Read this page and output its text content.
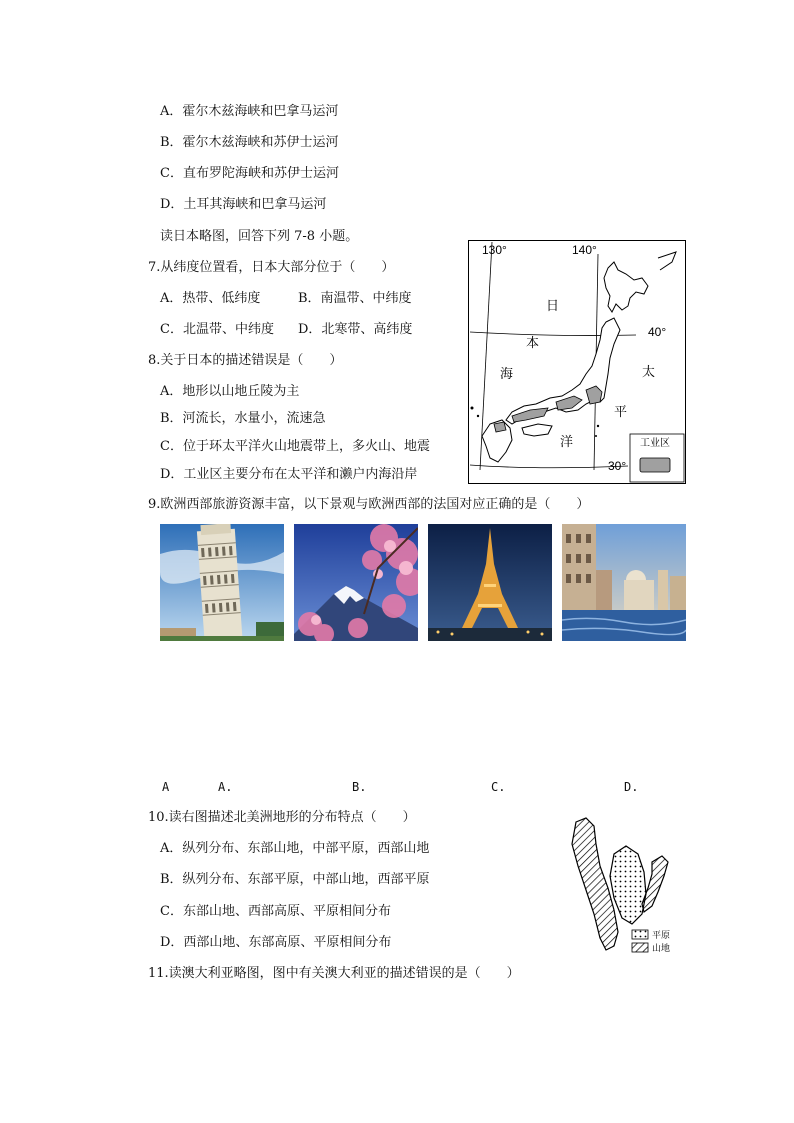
A．霍尔木兹海峡和巴拿马运河
B．霍尔木兹海峡和苏伊士运河
C．直布罗陀海峡和苏伊士运河
D．土耳其海峡和巴拿马运河
读日本略图，回答下列 7-8 小题。
7.从纬度位置看，日本大部分位于（　　）
A．热带、低纬度	B．南温带、中纬度
C．北温带、中纬度 D．北寒带、高纬度
8.关于日本的描述错误是（　　）
A．地形以山地丘陵为主
B．河流长，水量小，流速急
C．位于环太平洋火山地震带上，多火山、地震
D．工业区主要分布在太平洋和濑户内海沿岸
130°	140°
40°
30°
日
本
海	太
平
洋	工业区
9.欧洲西部旅游资源丰富，以下景观与欧洲西部的法国对应正确的是（　　）
A	A.	B.	C.	D.
10.读右图描述北美洲地形的分布特点（　　）
A．纵列分布、东部山地，中部平原，西部山地
B．纵列分布、东部平原，中部山地，西部平原
C．东部山地、西部高原、平原相间分布
D．西部山地、东部高原、平原相间分布	平原
山地
11.读澳大利亚略图，图中有关澳大利亚的描述错误的是（　　）
